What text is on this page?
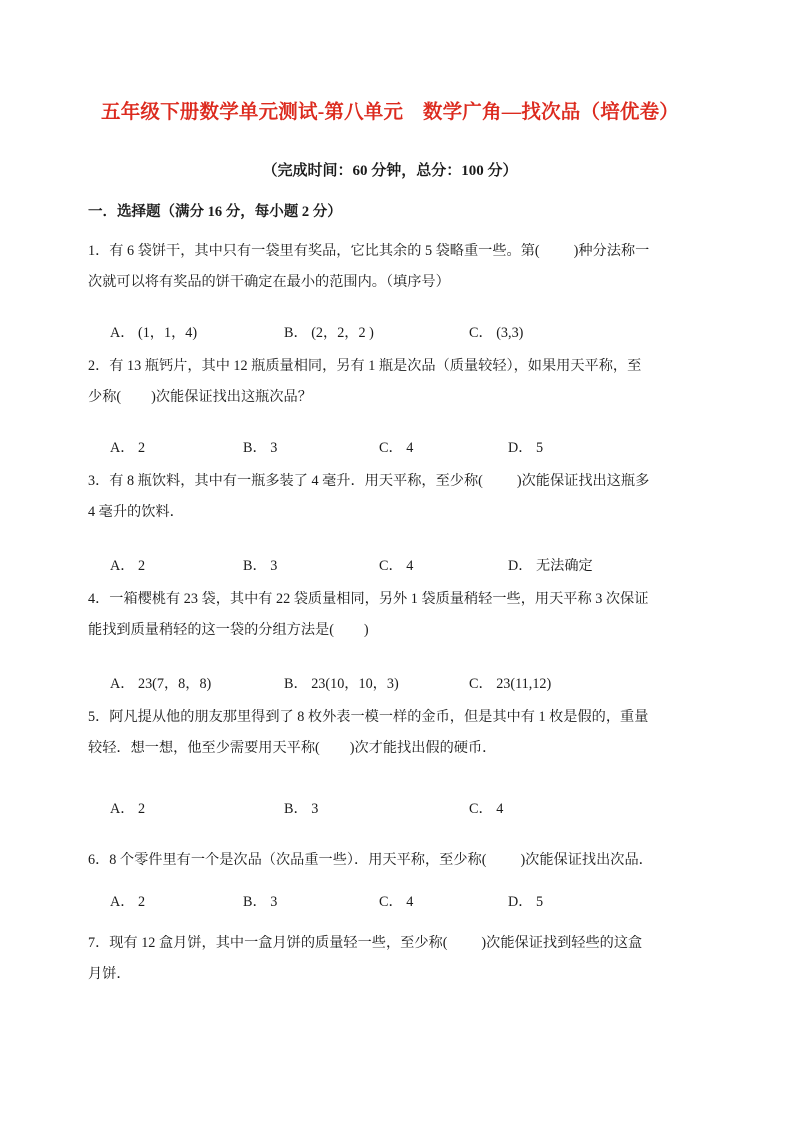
五年级下册数学单元测试-第八单元　数学广角—找次品（培优卷）
（完成时间：60 分钟，总分：100 分）
一．选择题（满分 16 分，每小题 2 分）
1．有 6 袋饼干，其中只有一袋里有奖品，它比其余的 5 袋略重一些。第( )种分法称一
次就可以将有奖品的饼干确定在最小的范围内。（填序号）
A． (1，1，4)	B． (2，2，2 )	C． (3,3)
2．有 13 瓶钙片，其中 12 瓶质量相同，另有 1 瓶是次品（质量较轻），如果用天平称，至
少称( )次能保证找出这瓶次品？
A． 2	B． 3	C． 4	D． 5
3．有 8 瓶饮料，其中有一瓶多装了 4 毫升．用天平称，至少称( )次能保证找出这瓶多
4 毫升的饮料．
A． 2	B． 3	C． 4	D． 无法确定
4．一箱樱桃有 23 袋，其中有 22 袋质量相同，另外 1 袋质量稍轻一些，用天平称 3 次保证
能找到质量稍轻的这一袋的分组方法是( )
A． 23(7，8，8)	B． 23(10，10，3)	C． 23(11,12)
5．阿凡提从他的朋友那里得到了 8 枚外表一模一样的金币，但是其中有 1 枚是假的，重量
较轻．想一想，他至少需要用天平称( )次才能找出假的硬币．
A． 2	B． 3	C． 4
6．8 个零件里有一个是次品（次品重一些）．用天平称，至少称( )次能保证找出次品．
A． 2	B． 3	C． 4	D． 5
7．现有 12 盒月饼，其中一盒月饼的质量轻一些，至少称( )次能保证找到轻些的这盒
月饼．
